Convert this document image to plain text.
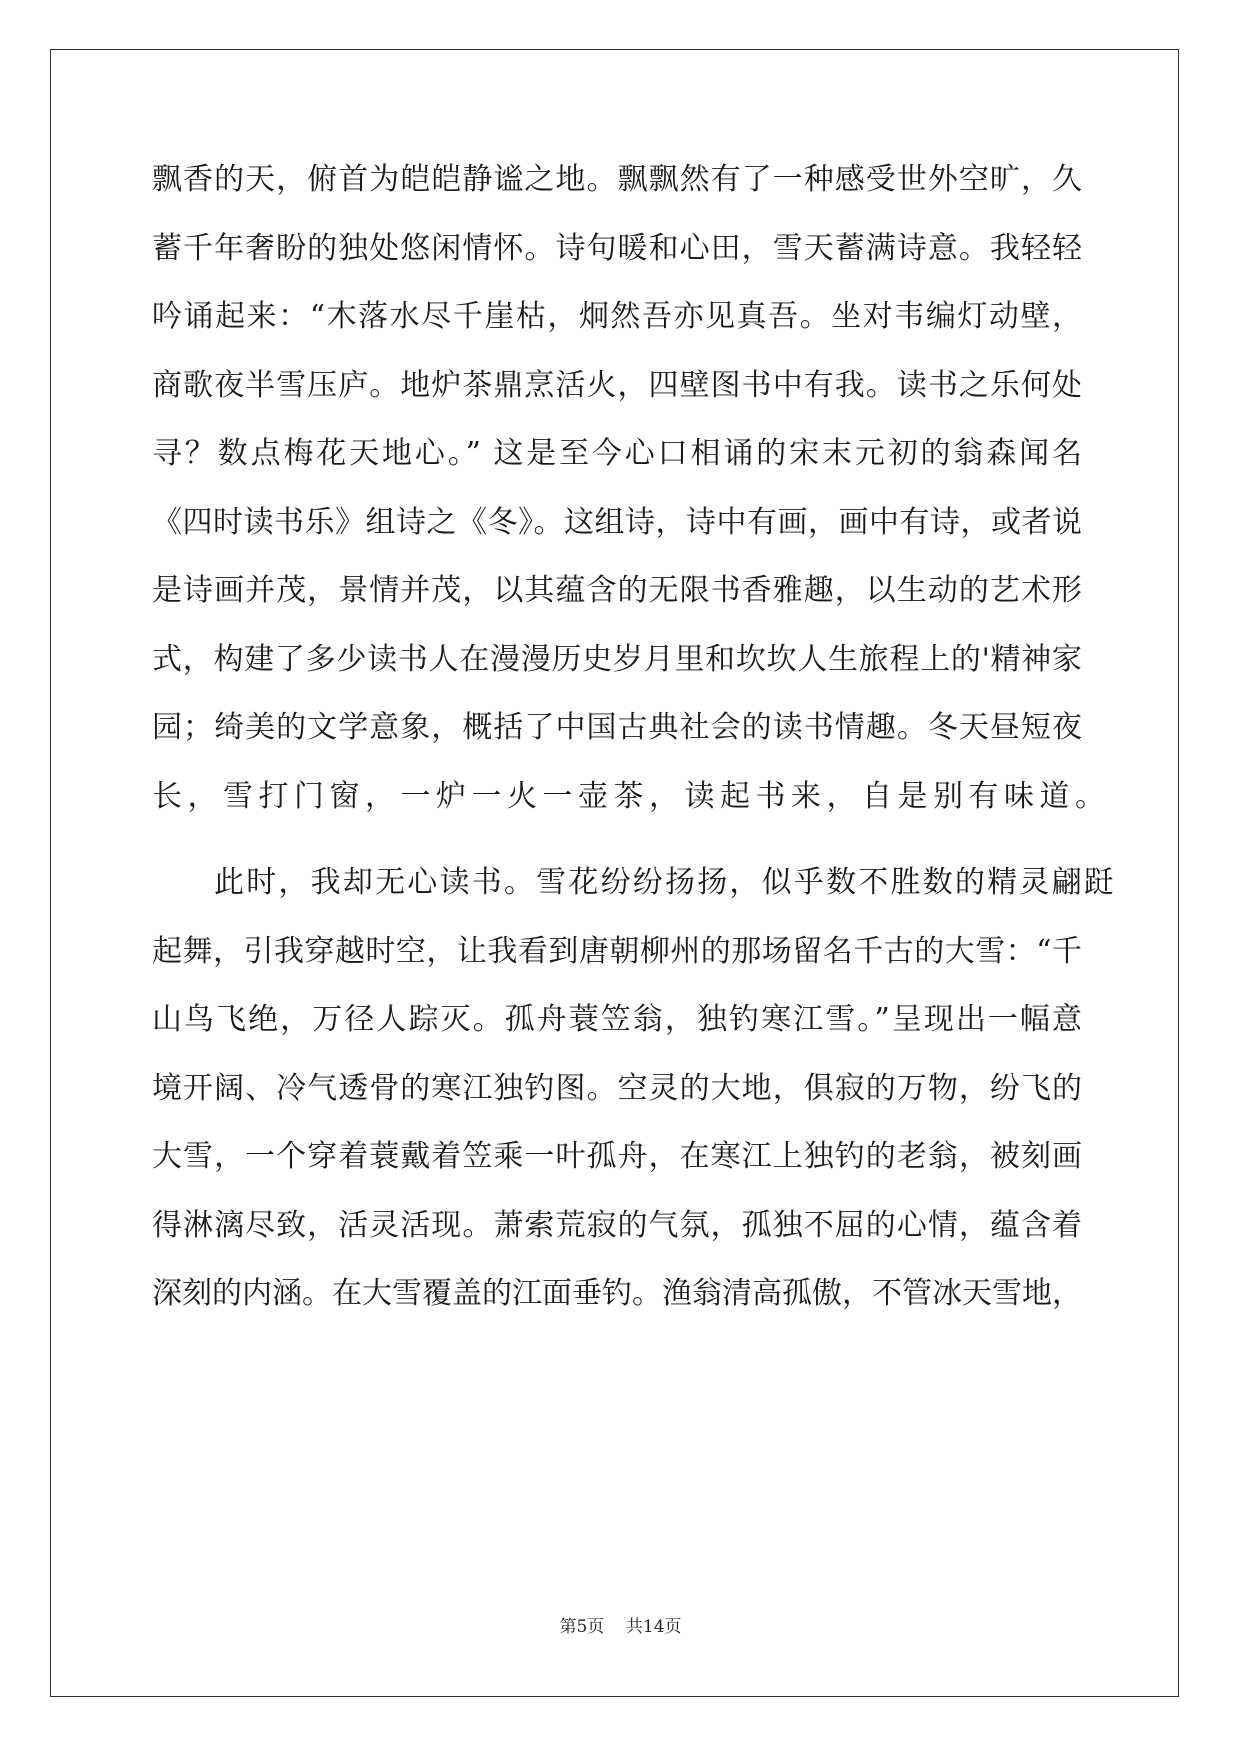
飘香的天，俯首为皑皑静谧之地。飘飘然有了一种感受世外空旷，久
蓄千年奢盼的独处悠闲情怀。诗句暖和心田，雪天蓄满诗意。我轻轻
吟诵起来：“木落水尽千崖枯，炯然吾亦见真吾。坐对韦编灯动壁，
商歌夜半雪压庐。地炉茶鼎烹活火，四壁图书中有我。读书之乐何处
寻？数点梅花天地心。” 这是至今心口相诵的宋末元初的翁森闻名
《四时读书乐》组诗之《冬》。这组诗，诗中有画，画中有诗，或者说
是诗画并茂，景情并茂，以其蕴含的无限书香雅趣，以生动的艺术形
式，构建了多少读书人在漫漫历史岁月里和坎坎人生旅程上的'精神家
园；绮美的文学意象，概括了中国古典社会的读书情趣。冬天昼短夜
长，雪打门窗，一炉一火一壶茶，读起书来，自是别有味道。
此时，我却无心读书。雪花纷纷扬扬，似乎数不胜数的精灵翩跹
起舞，引我穿越时空，让我看到唐朝柳州的那场留名千古的大雪：“千
山鸟飞绝，万径人踪灭。孤舟蓑笠翁，独钓寒江雪。”呈现出一幅意
境开阔、冷气透骨的寒江独钓图。空灵的大地，俱寂的万物，纷飞的
大雪，一个穿着蓑戴着笠乘一叶孤舟，在寒江上独钓的老翁，被刻画
得淋漓尽致，活灵活现。萧索荒寂的气氛，孤独不屈的心情，蕴含着
深刻的内涵。在大雪覆盖的江面垂钓。渔翁清高孤傲，不管冰天雪地，
第5页 共14页
